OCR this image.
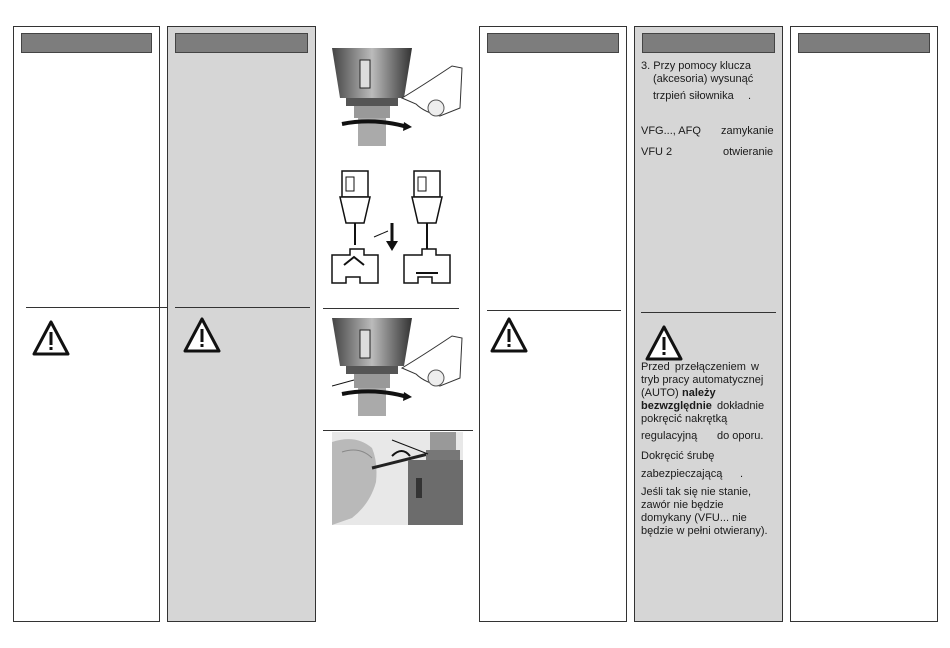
3. Przy pomocy klucza
(akcesoria) wysunąć
trzpień siłownika .
VFG..., AFQ zamykanie
VFU 2	otwieranie
Przed przełączeniem w
tryb pracy automatycznej
(AUTO) należy
bezwzględnie dokładnie
pokręcić nakrętką
regulacyjną do oporu.
Dokręcić śrubę
zabezpieczającą .
Jeśli tak się nie stanie,
zawór nie będzie
domykany (VFU... nie
będzie w pełni otwierany).
